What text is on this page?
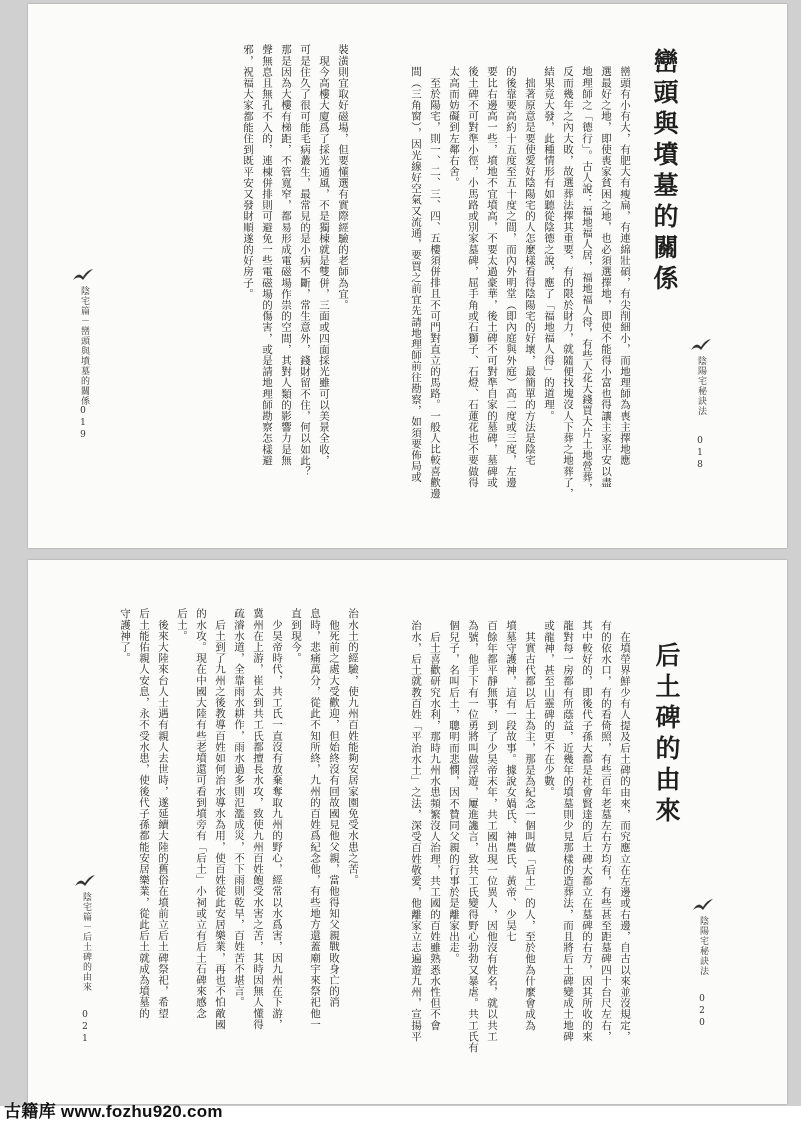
巒頭與墳墓的關係
陰陽宅秘訣法
018
巒頭有小有大，有肥大有瘦扁，有連綿壯碩，有尖削細小，而地理師為喪主擇地應
選最好之地，即使喪家貧困之地，也必須選擇地，即使不能得小富也得讓主家平安以盡
地理師之「德行」。古人說：福地福人居，福地福人得，有些人花大錢買大片土地營葬，
反而幾年之內大敗，故選葬法擇其重要，有的限於財力，就隨便找塊沒人下葬之地葬了，
結果竟大發，此種情形有如聽從陰德之說，應了「福地福人得」的道理。
　拙著原意是要使愛好陰陽宅的人怎麼樣看得陰陽宅的好壞，最簡單的方法是陰宅
的後靠要高約十五度至五十度之間，而內外明堂（即內庭與外庭）高二度或三度，左邊
要比右邊高一些，墳地不宜墳高，不要太過豪華，後土碑不可對準自家的墓碑，墓碑或
後土碑不可對準小徑，小馬路或別家墓碑，屈手角或石獅子、石燈、石蓮花也不要做得
太高而妨礙到左鄰右舍。
　至於陽宅，則一、二、三、四、五樓須併排且不可門對直立的馬路。一般人比較喜歡邊
間（三角窗），因光線好空氣又流通，要買之前宜先請地理師前往勘察，如須要佈局或
陰宅篇－巒頭與墳墓的關係
019
裝潢則宜取好磁場，但要懂選有實際經驗的老師為宜。
　現今高樓大廈爲了採光通風，不是獨棟就是雙併，三面或四面採光雖可以美景全收，
可是住久了很可能毛病叢生，最常見的是小病不斷，常生意外，錢財留不住，何以如此？
那是因為大樓有梯距，不管寬窄，都易形成電磁場作祟的空間，其對人類的影響力是無
聲無息且無孔不入的，連棟併排則可避免一些電磁場的傷害，或是請地理師勘察怎樣避
邪，祝福大家都能住到既平安又發財順遂的好房子。
后土碑的由來
陰陽宅秘訣法
020
　在墳塋界鮮少有人提及后土碑的由來，而究應立在左邊或右邊，自古以來並沒規定，
有的依水口，有的看倚照，有些百年老墓左右方均有，有些甚至距墓碑四十台尺左右，
其中較好的，即後代子孫大都是社會賢達的后土碑大都立在墓碑的右方，因其所收的來
龍對每一房都有所蔭益，近幾年的墳墓則少見那樣的造葬法，而且將后土碑變成土地碑
或龍神，甚至山靈碑的更不在少數。
　其實古代都以后土為主，那是為紀念一個叫做「后土」的人，至於他為什麼會成為
墳墓守護神，這有一段故事。據說女媧氏、神農氏、黃帝、少昊七
百餘年都平靜無事，到了少昊帝末年，共工國出現一位異人，因他沒有姓名，就以共工
為號，他手下有一位勇將叫做浮遊，屢進讒言，致共工氏變得野心勃勃又暴虐。共工氏有
個兒子，名叫后土，聰明而悲憫，因不贊同父親的行事於是離家出走。
　后土喜歡研究水利，那時九州水患頻繁沒人治理，共工國的百姓雖熟悉水性但不會
治水，后土就教百姓「平治水土」之法，深受百姓敬愛，他離家立志遍遊九州，宣揚平
陰宅篇－后土碑的由來
021
治水土的經驗，使九州百姓能夠安居家園免受水患之苦。
　他死前之處大受歡迎，但始終沒有回故國見他父親，當他得知父親戰敗身亡的消
息時，悲痛萬分，從此不知所終，九州的百姓爲紀念他，有些地方還蓋廟宇來祭祀他一
直到現今。
　少昊帝時代，共工氏一直沒有放棄奪取九州的野心，經常以水爲害，因九州在下游，
冀州在上游，崔太到共工氏都擅長水攻，致使九州百姓飽受水害之苦，其時因無人懂得
疏濬水道，全靠雨水耕作，雨水過多則氾濫成災，不下雨則乾旱，百姓苦不堪言。
　后土到了九州之後教導百姓如何治水導水為用，使百姓從此安居樂業，再也不怕敵國
的水攻。現在中國大陸有些老墳還可看到墳旁有「后土」小祠或立有后土石碑來感念
后土。
　後來大陸來台人士遇有親人去世時，遂延續大陸的舊俗在墳前立后土碑祭祀，希望
后土能佑親人安息，永不受水患，使後代子孫都能安居樂業，從此后土就成為墳墓的
守護神了。
古籍库 www.fozhu920.com
